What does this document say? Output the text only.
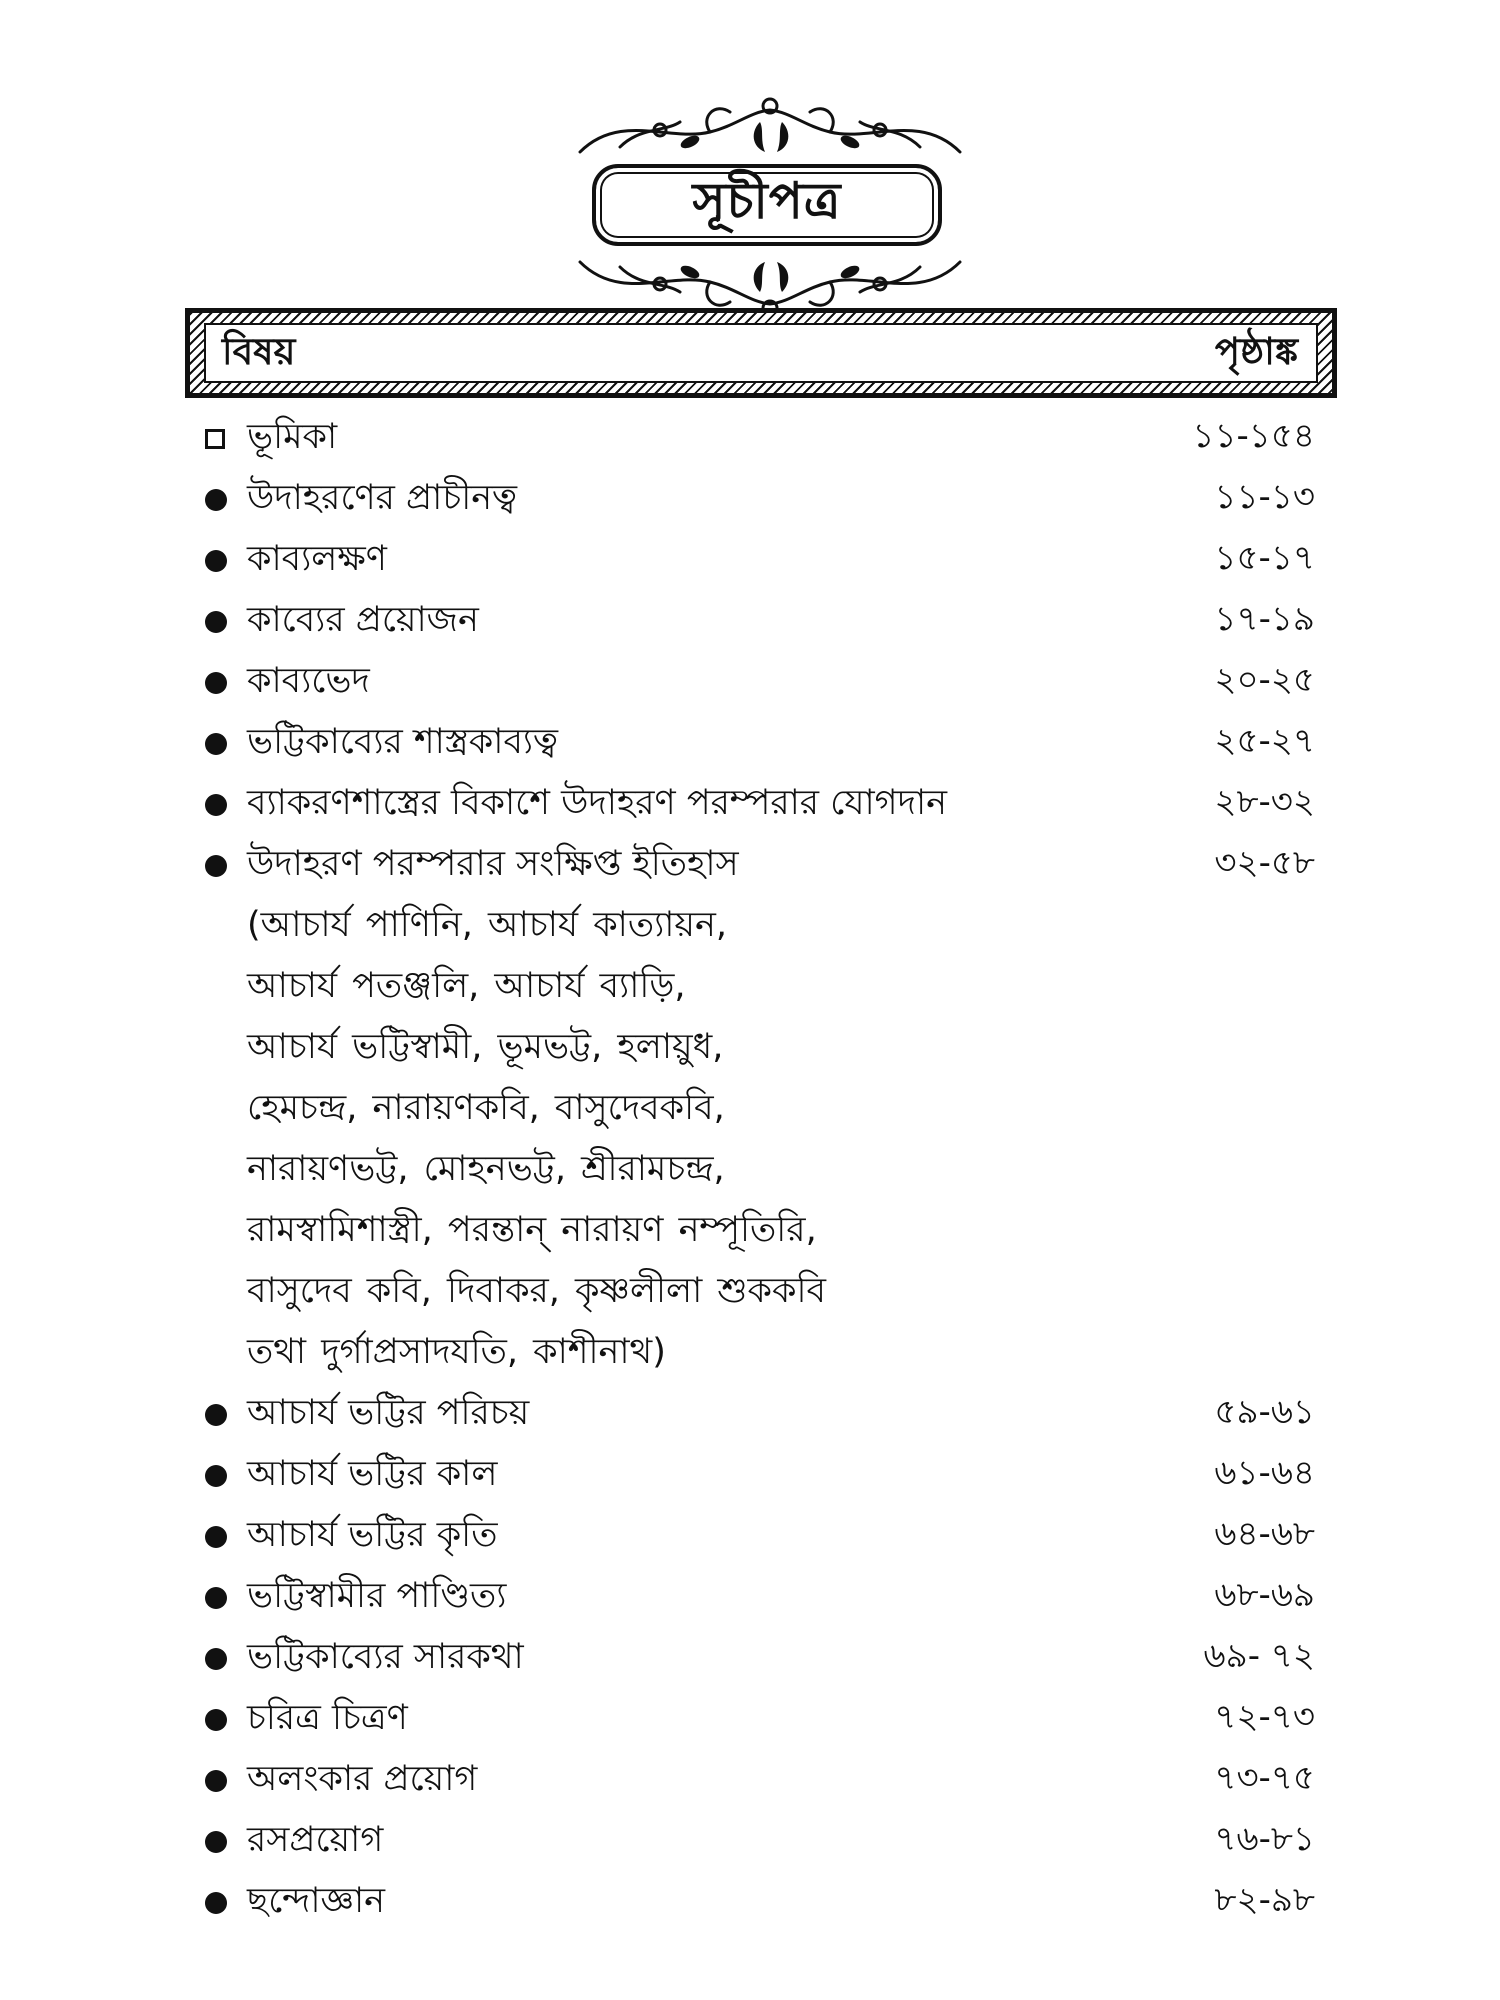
সূচীপত্র
বিষয়	পৃষ্ঠাঙ্ক
ভূমিকা	১১-১৫৪
উদাহরণের প্রাচীনত্ব	১১-১৩
কাব্যলক্ষণ	১৫-১৭
কাব্যের প্রয়োজন	১৭-১৯
কাব্যভেদ	২০-২৫
ভট্টিকাব্যের শাস্ত্রকাব্যত্ব	২৫-২৭
ব্যাকরণশাস্ত্রের বিকাশে উদাহরণ পরম্পরার যোগদান	২৮-৩২
উদাহরণ পরম্পরার সংক্ষিপ্ত ইতিহাস	৩২-৫৮
(আচার্য পাণিনি, আচার্য কাত্যায়ন,
আচার্য পতঞ্জলি, আচার্য ব্যাড়ি,
আচার্য ভট্টিস্বামী, ভূমভট্ট, হলায়ুধ,
হেমচন্দ্র, নারায়ণকবি, বাসুদেবকবি,
নারায়ণভট্ট, মোহনভট্ট, শ্রীরামচন্দ্র,
রামস্বামিশাস্ত্রী, পরন্তান্ নারায়ণ নম্পূতিরি,
বাসুদেব কবি, দিবাকর, কৃষ্ণলীলা শুককবি
তথা দুর্গাপ্রসাদযতি, কাশীনাথ)
আচার্য ভট্টির পরিচয়	৫৯-৬১
আচার্য ভট্টির কাল	৬১-৬৪
আচার্য ভট্টির কৃতি	৬৪-৬৮
ভট্টিস্বামীর পাণ্ডিত্য	৬৮-৬৯
ভট্টিকাব্যের সারকথা	৬৯- ৭২
চরিত্র চিত্রণ	৭২-৭৩
অলংকার প্রয়োগ	৭৩-৭৫
রসপ্রয়োগ	৭৬-৮১
ছন্দোজ্ঞান	৮২-৯৮
